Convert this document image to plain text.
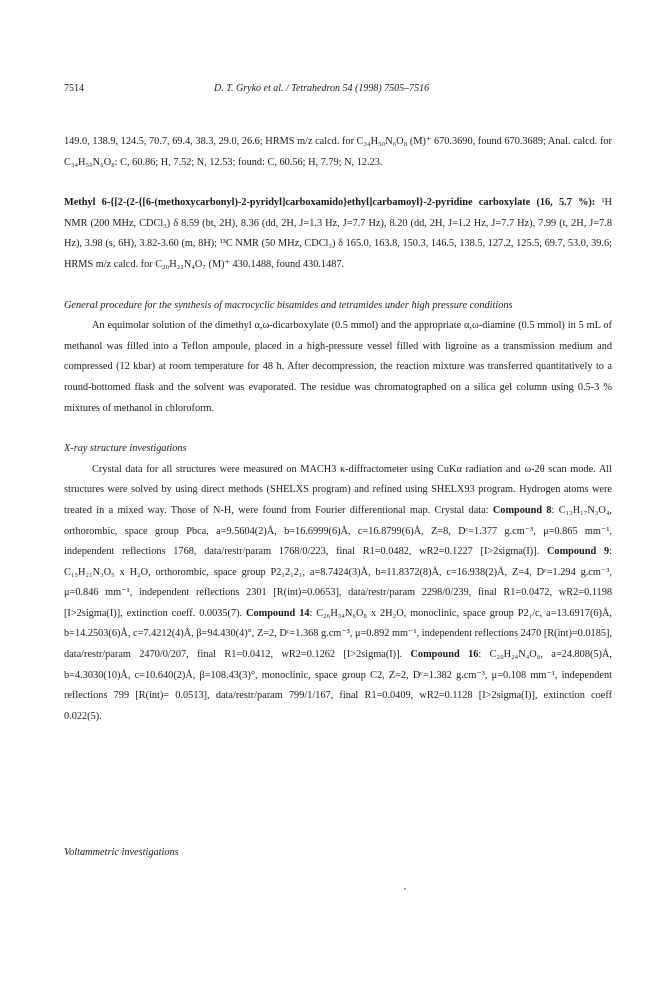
7514	D. T. Gryko et al. / Tetrahedron 54 (1998) 7505–7516

149.0, 138.9, 124.5, 70.7, 69.4, 38.3, 29.0, 26.6; HRMS m/z calcd. for C₃₄H₅₀N₆O₈ (M)⁺ 670.3690, found 670.3689; Anal. calcd. for C₃₄H₅₀N₆O₈: C, 60.86; H, 7.52; N, 12.53; found: C, 60.56; H, 7.79; N, 12.23.

Methyl 6-{[2-(2-{[6-(methoxycarbonyl)-2-pyridyl]carboxamido}ethyl]carbamoyl}-2-pyridine carboxylate (16, 5.7 %): ¹H NMR (200 MHz, CDCl₃) δ 8.59 (bt, 2H), 8.36 (dd, 2H, J=1.3 Hz, J=7.7 Hz), 8.20 (dd, 2H, J=1.2 Hz, J=7.7 Hz), 7.99 (t, 2H, J=7.8 Hz), 3.98 (s, 6H), 3.82-3.60 (m, 8H); ¹³C NMR (50 MHz, CDCl₃) δ 165.0, 163.8, 150.3, 146.5, 138.5, 127.2, 125.5, 69.7, 53.0, 39.6; HRMS m/z calcd. for C₂₀H₂₂N₄O₇ (M)⁺ 430.1488, found 430.1487.

General procedure for the synthesis of macrocyclic bisamides and tetramides under high pressure conditions

An equimolar solution of the dimethyl α,ω-dicarboxylate (0.5 mmol) and the appropriate α,ω-diamine (0.5 mmol) in 5 mL of methanol was filled into a Teflon ampoule, placed in a high-pressure vessel filled with ligroine as a transmission medium and compressed (12 kbar) at room temperature for 48 h. After decompression, the reaction mixture was transferred quantitatively to a round-bottomed flask and the solvent was evaporated. The residue was chromatographed on a silica gel column using 0.5-3 % mixtures of methanol in chloroform.

X-ray structure investigations

Crystal data for all structures were measured on MACH3 κ-diffractometer using CuKα radiation and ω-2θ scan mode. All structures were solved by using direct methods (SHELXS program) and refined using SHELX93 program. Hydrogen atoms were treated in a mixed way. Those of N-H, were found from Fourier differentional map. Crystal data: Compound 8: C₁₃H₁₇N₃O₄, orthorombic, space group Pbca, a=9.5604(2)Å, b=16.6999(6)Å, c=16.8799(6)Å, Z=8, Dᶜ=1.377 g.cm⁻³, μ=0.865 mm⁻¹, independent reflections 1768, data/restr/param 1768/0/223, final R1=0.0482, wR2=0.1227 [I>2sigma(I)]. Compound 9: C₁₅H₂₁N₃O₅ x H₂O, orthorombic, space group P2₁2₁2₁, a=8.7424(3)Å, b=11.8372(8)Å, c=16.938(2)Å, Z=4, Dᶜ=1.294 g.cm⁻³, μ=0.846 mm⁻¹, independent reflections 2301 [R(int)=0.0653], data/restr/param 2298/0/239, final R1=0.0472, wR2=0.1198 [I>2sigma(I)], extinction coeff. 0.0035(7). Compound 14: C₂₆H₃₄N₆O₈ x 2H₂O, monoclinic, space group P2₁/c, a=13.6917(6)Å, b=14.2503(6)Å, c=7.4212(4)Å, β=94.430(4)°, Z=2, Dᶜ=1.368 g.cm⁻³, μ=0.892 mm⁻¹, independent reflections 2470 [R(int)=0.0185], data/restr/param 2470/0/207, final R1=0.0412, wR2=0.1262 [I>2sigma(I)]. Compound 16: C₂₀H₂₄N₄O₈, a=24.808(5)Å, b=4.3030(10)Å, c=10.640(2)Å, β=108.43(3)°, monoclinic, space group C2, Z=2, Dᶜ=1.382 g.cm⁻³, μ=0.108 mm⁻¹, independent reflections 799 [R(int)= 0.0513], data/restr/param 799/1/167, final R1=0.0409, wR2=0.1128 [I>2sigma(I)], extinction coeff 0.022(5).

Voltammetric investigations
